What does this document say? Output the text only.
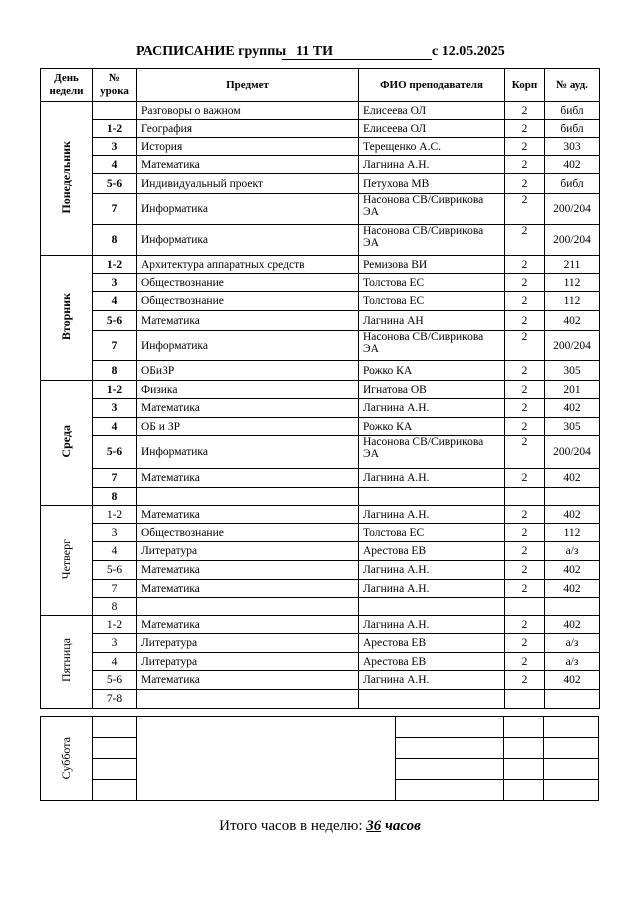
РАСПИСАНИЕ группы 11 ТИ	с 12.05.2025
День недели	№ урока	Предмет	ФИО преподавателя	Корп	№ ауд.
Понедельник		Разговоры о важном	Елисеева ОЛ	2	библ
	1-2	География	Елисеева ОЛ	2	библ
	3	История	Терещенко А.С.	2	303
	4	Математика	Лагнина А.Н.	2	402
	5-6	Индивидуальный проект	Петухова МВ	2	библ
	7	Информатика	Насонова СВ/Сиврикова ЭА	2	200/204
	8	Информатика	Насонова СВ/Сиврикова ЭА	2	200/204
Вторник	1-2	Архитектура аппаратных средств	Ремизова ВИ	2	211
	3	Обществознание	Толстова ЕС	2	112
	4	Обществознание	Толстова ЕС	2	112
	5-6	Математика	Лагнина АН	2	402
	7	Информатика	Насонова СВ/Сиврикова ЭА	2	200/204
	8	ОБиЗР	Рожко КА	2	305
Среда	1-2	Физика	Игнатова ОВ	2	201
	3	Математика	Лагнина А.Н.	2	402
	4	ОБ и ЗР	Рожко КА	2	305
	5-6	Информатика	Насонова СВ/Сиврикова ЭА	2	200/204
	7	Математика	Лагнина А.Н.	2	402
	8				
Четверг	1-2	Математика	Лагнина А.Н.	2	402
	3	Обществознание	Толстова ЕС	2	112
	4	Литература	Арестова ЕВ	2	а/з
	5-6	Математика	Лагнина А.Н.	2	402
	7	Математика	Лагнина А.Н.	2	402
	8				
Пятница	1-2	Математика	Лагнина А.Н.	2	402
	3	Литература	Арестова ЕВ	2	а/з
	4	Литература	Арестова ЕВ	2	а/з
	5-6	Математика	Лагнина А.Н.	2	402
	7-8				
Суббота
Итого часов в неделю: 36 часов
